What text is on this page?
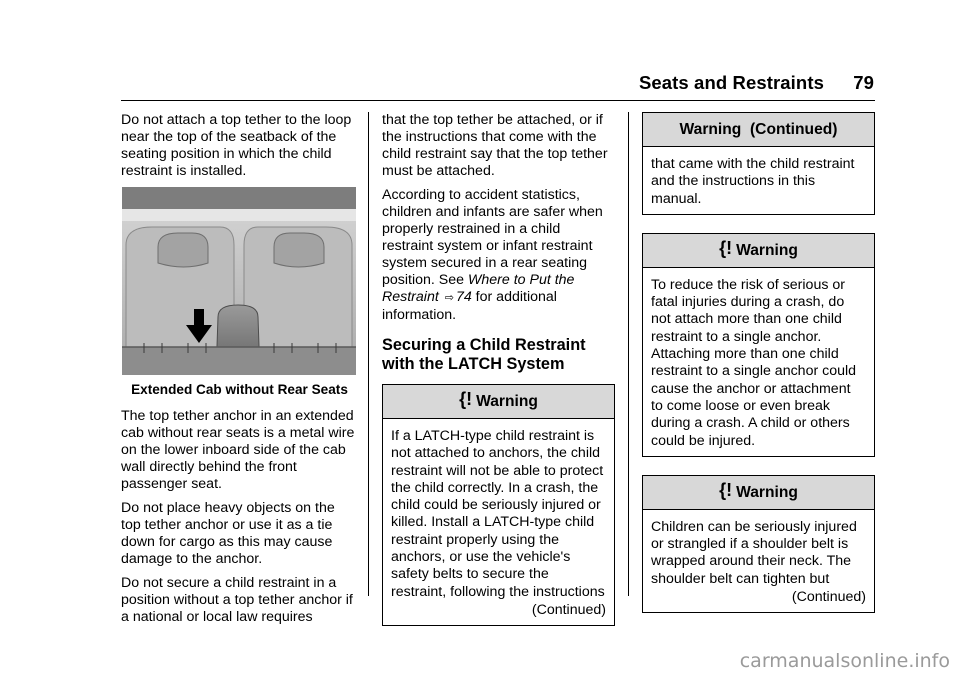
Seats and Restraints 79

Do not attach a top tether to the loop near the top of the seatback of the seating position in which the child restraint is installed.

Extended Cab without Rear Seats

The top tether anchor in an extended cab without rear seats is a metal wire on the lower inboard side of the cab wall directly behind the front passenger seat.

Do not place heavy objects on the top tether anchor or use it as a tie down for cargo as this may cause damage to the anchor.

Do not secure a child restraint in a position without a top tether anchor if a national or local law requires

that the top tether be attached, or if the instructions that come with the child restraint say that the top tether must be attached.

According to accident statistics, children and infants are safer when properly restrained in a child restraint system or infant restraint system secured in a rear seating position. See Where to Put the Restraint ⇨ 74 for additional information.

Securing a Child Restraint with the LATCH System
{! Warning
If a LATCH-type child restraint is not attached to anchors, the child restraint will not be able to protect the child correctly. In a crash, the child could be seriously injured or killed. Install a LATCH-type child restraint properly using the anchors, or use the vehicle's safety belts to secure the restraint, following the instructions
(Continued)
Warning  (Continued)
that came with the child restraint and the instructions in this manual.
{! Warning
To reduce the risk of serious or fatal injuries during a crash, do not attach more than one child restraint to a single anchor. Attaching more than one child restraint to a single anchor could cause the anchor or attachment to come loose or even break during a crash. A child or others could be injured.
{! Warning
Children can be seriously injured or strangled if a shoulder belt is wrapped around their neck. The shoulder belt can tighten but
(Continued)
carmanualsonline.info
